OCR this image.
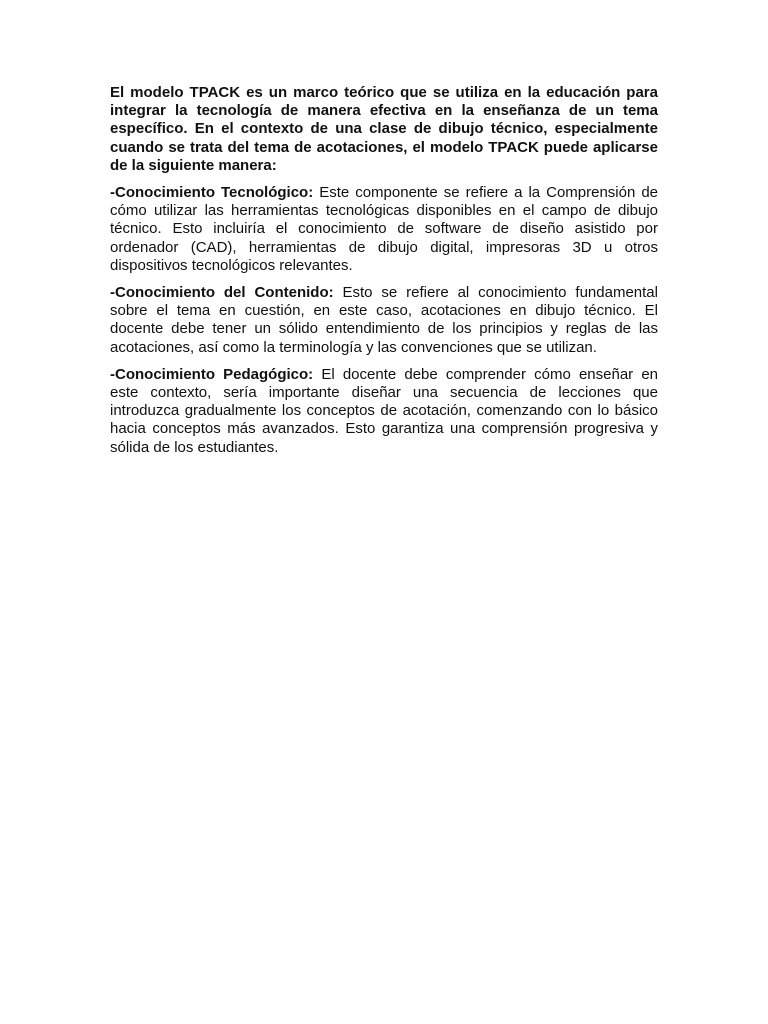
El modelo TPACK es un marco teórico que se utiliza en la educación para integrar la tecnología de manera efectiva en la enseñanza de un tema específico. En el contexto de una clase de dibujo técnico, especialmente cuando se trata del tema de acotaciones, el modelo TPACK puede aplicarse de la siguiente manera:

-Conocimiento Tecnológico: Este componente se refiere a la Comprensión de cómo utilizar las herramientas tecnológicas disponibles en el campo de dibujo técnico. Esto incluiría el conocimiento de software de diseño asistido por ordenador (CAD), herramientas de dibujo digital, impresoras 3D u otros dispositivos tecnológicos relevantes.

-Conocimiento del Contenido: Esto se refiere al conocimiento fundamental sobre el tema en cuestión, en este caso, acotaciones en dibujo técnico. El docente debe tener un sólido entendimiento de los principios y reglas de las acotaciones, así como la terminología y las convenciones que se utilizan.

-Conocimiento Pedagógico: El docente debe comprender cómo enseñar en este contexto, sería importante diseñar una secuencia de lecciones que introduzca gradualmente los conceptos de acotación, comenzando con lo básico hacia conceptos más avanzados. Esto garantiza una comprensión progresiva y sólida de los estudiantes.
